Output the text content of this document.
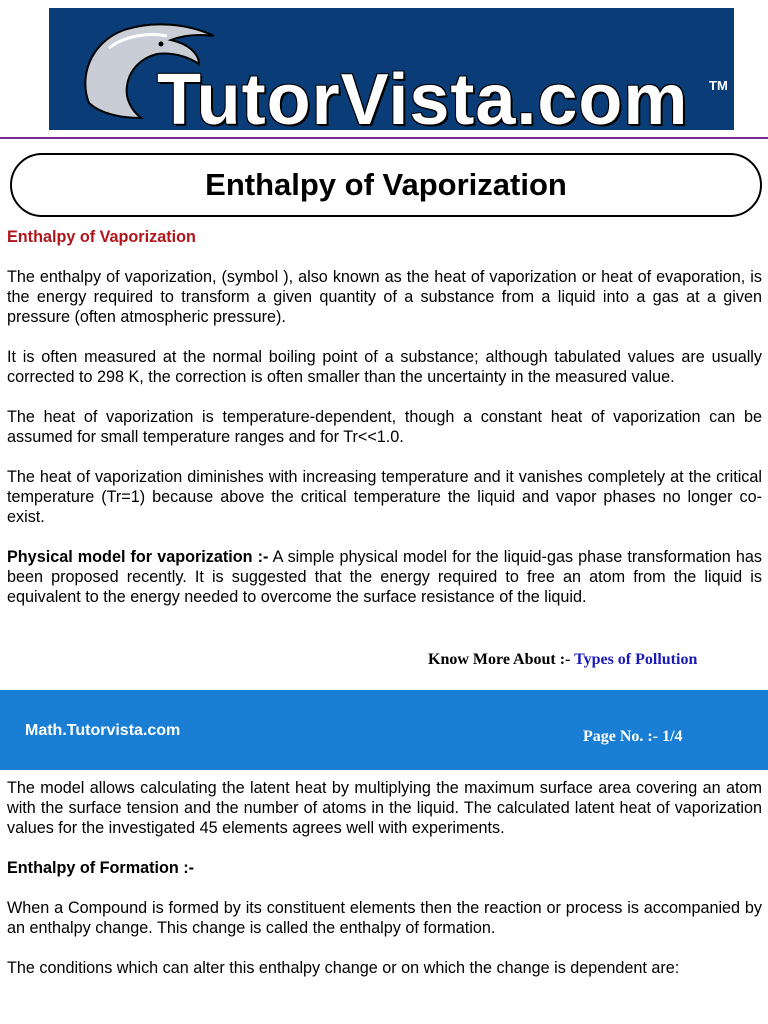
TutorVista.com TM
Enthalpy of Vaporization

Enthalpy of Vaporization

The enthalpy of vaporization, (symbol ), also known as the heat of vaporization or heat of evaporation, is the energy required to transform a given quantity of a substance from a liquid into a gas at a given pressure (often atmospheric pressure).

It is often measured at the normal boiling point of a substance; although tabulated values are usually corrected to 298 K, the correction is often smaller than the uncertainty in the measured value.

The heat of vaporization is temperature-dependent, though a constant heat of vaporization can be assumed for small temperature ranges and for Tr<<1.0.

The heat of vaporization diminishes with increasing temperature and it vanishes completely at the critical temperature (Tr=1) because above the critical temperature the liquid and vapor phases no longer co-exist.

Physical model for vaporization :- A simple physical model for the liquid-gas phase transformation has been proposed recently. It is suggested that the energy required to free an atom from the liquid is equivalent to the energy needed to overcome the surface resistance of the liquid.

Know More About :- Types of Pollution
Math.Tutorvista.com	Page No. :- 1/4

The model allows calculating the latent heat by multiplying the maximum surface area covering an atom with the surface tension and the number of atoms in the liquid. The calculated latent heat of vaporization values for the investigated 45 elements agrees well with experiments.

Enthalpy of Formation :-

When a Compound is formed by its constituent elements then the reaction or process is accompanied by an enthalpy change. This change is called the enthalpy of formation.

The conditions which can alter this enthalpy change or on which the change is dependent are:
